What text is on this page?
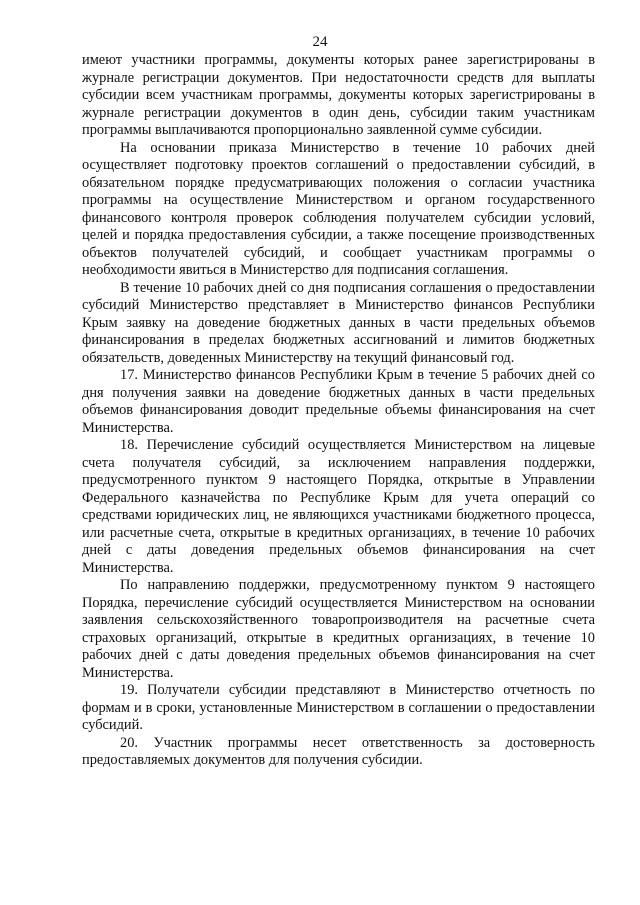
24

имеют участники программы, документы которых ранее зарегистрированы в журнале регистрации документов. При недостаточности средств для выплаты субсидии всем участникам программы, документы которых зарегистрированы в журнале регистрации документов в один день, субсидии таким участникам программы выплачиваются пропорционально заявленной сумме субсидии.

На основании приказа Министерство в течение 10 рабочих дней осуществляет подготовку проектов соглашений о предоставлении субсидий, в обязательном порядке предусматривающих положения о согласии участника программы на осуществление Министерством и органом государственного финансового контроля проверок соблюдения получателем субсидии условий, целей и порядка предоставления субсидии, а также посещение производственных объектов получателей субсидий, и сообщает участникам программы о необходимости явиться в Министерство для подписания соглашения.

В течение 10 рабочих дней со дня подписания соглашения о предоставлении субсидий Министерство представляет в Министерство финансов Республики Крым заявку на доведение бюджетных данных в части предельных объемов финансирования в пределах бюджетных ассигнований и лимитов бюджетных обязательств, доведенных Министерству на текущий финансовый год.

17. Министерство финансов Республики Крым в течение 5 рабочих дней со дня получения заявки на доведение бюджетных данных в части предельных объемов финансирования доводит предельные объемы финансирования на счет Министерства.

18. Перечисление субсидий осуществляется Министерством на лицевые счета получателя субсидий, за исключением направления поддержки, предусмотренного пунктом 9 настоящего Порядка, открытые в Управлении Федерального казначейства по Республике Крым для учета операций со средствами юридических лиц, не являющихся участниками бюджетного процесса, или расчетные счета, открытые в кредитных организациях, в течение 10 рабочих дней с даты доведения предельных объемов финансирования на счет Министерства.

По направлению поддержки, предусмотренному пунктом 9 настоящего Порядка, перечисление субсидий осуществляется Министерством на основании заявления сельскохозяйственного товаропроизводителя на расчетные счета страховых организаций, открытые в кредитных организациях, в течение 10 рабочих дней с даты доведения предельных объемов финансирования на счет Министерства.

19. Получатели субсидии представляют в Министерство отчетность по формам и в сроки, установленные Министерством в соглашении о предоставлении субсидий.

20. Участник программы несет ответственность за достоверность предоставляемых документов для получения субсидии.
